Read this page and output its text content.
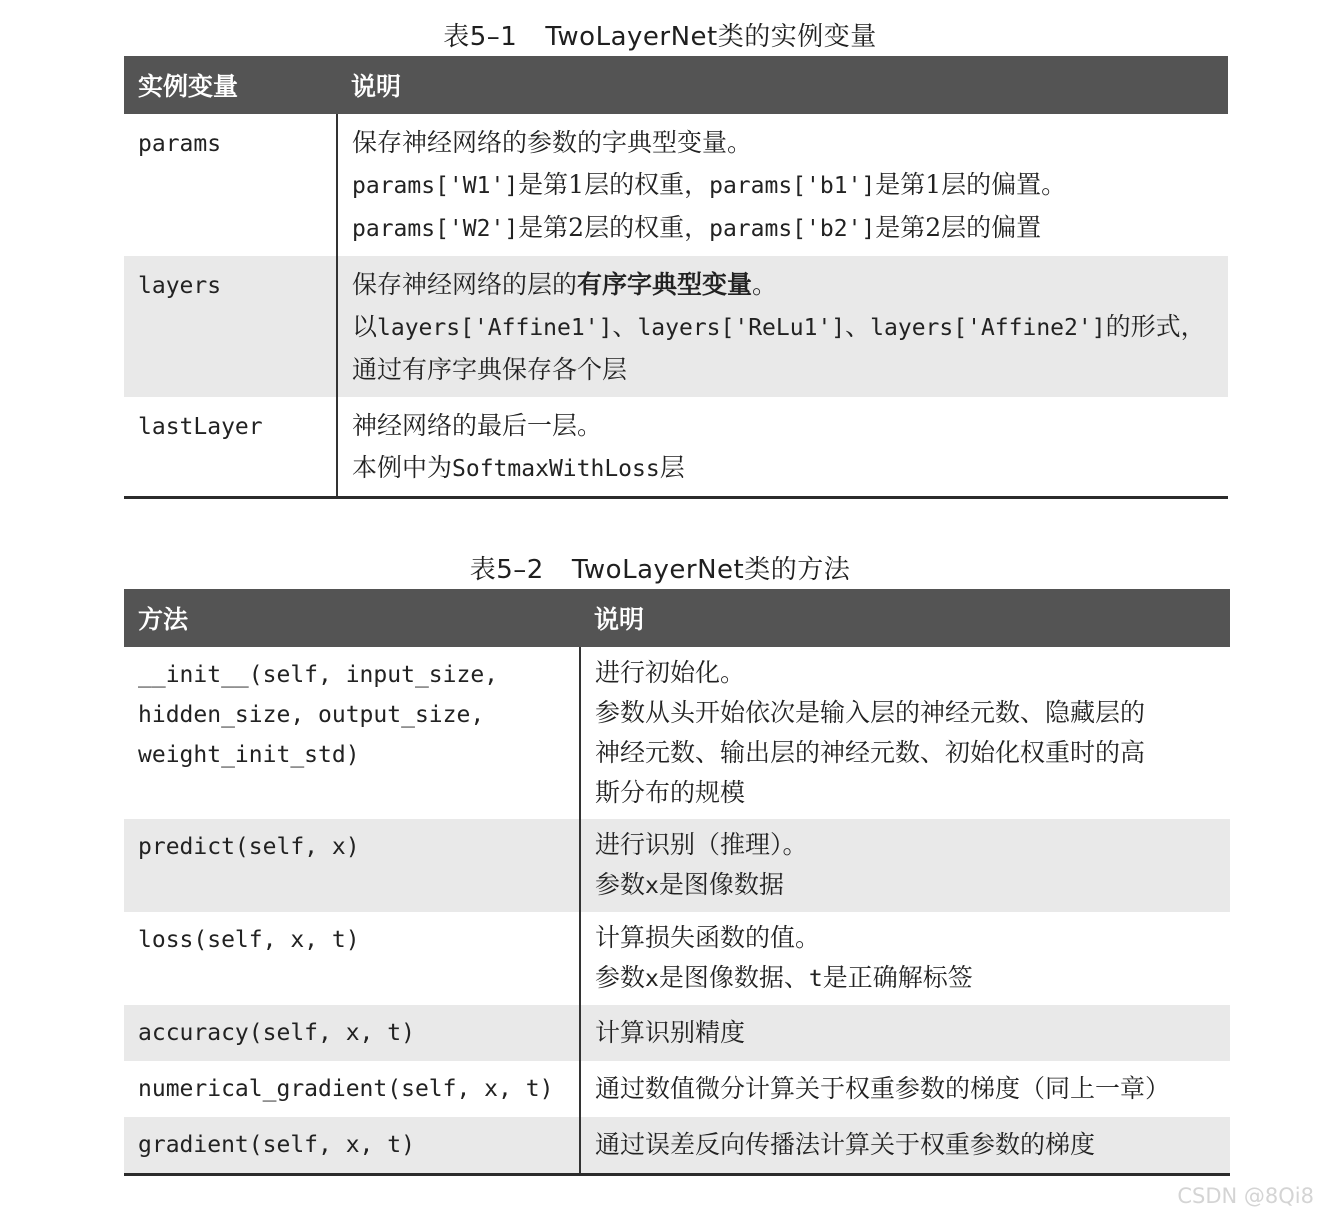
表5–1 TwoLayerNet类的实例变量
实例变量	说明
params	保存神经网络的参数的字典型变量。
params['W1']是第1层的权重，params['b1']是第1层的偏置。
params['W2']是第2层的权重，params['b2']是第2层的偏置

layers	保存神经网络的层的有序字典型变量。
以layers['Affine1']、layers['ReLu1']、layers['Affine2']的形式，
通过有序字典保存各个层

lastLayer	神经网络的最后一层。
本例中为SoftmaxWithLoss层
表5–2 TwoLayerNet类的方法
方法	说明

__init__(self, input_size,
hidden_size, output_size,
weight_init_std)	进行初始化。
参数从头开始依次是输入层的神经元数、隐藏层的
神经元数、输出层的神经元数、初始化权重时的高
斯分布的规模

predict(self, x)	进行识别（推理）。
参数x是图像数据

loss(self, x, t)	计算损失函数的值。
参数x是图像数据、t是正确解标签

accuracy(self, x, t)	计算识别精度

numerical_gradient(self, x, t)	通过数值微分计算关于权重参数的梯度（同上一章）

gradient(self, x, t)	通过误差反向传播法计算关于权重参数的梯度
CSDN @8Qi8
